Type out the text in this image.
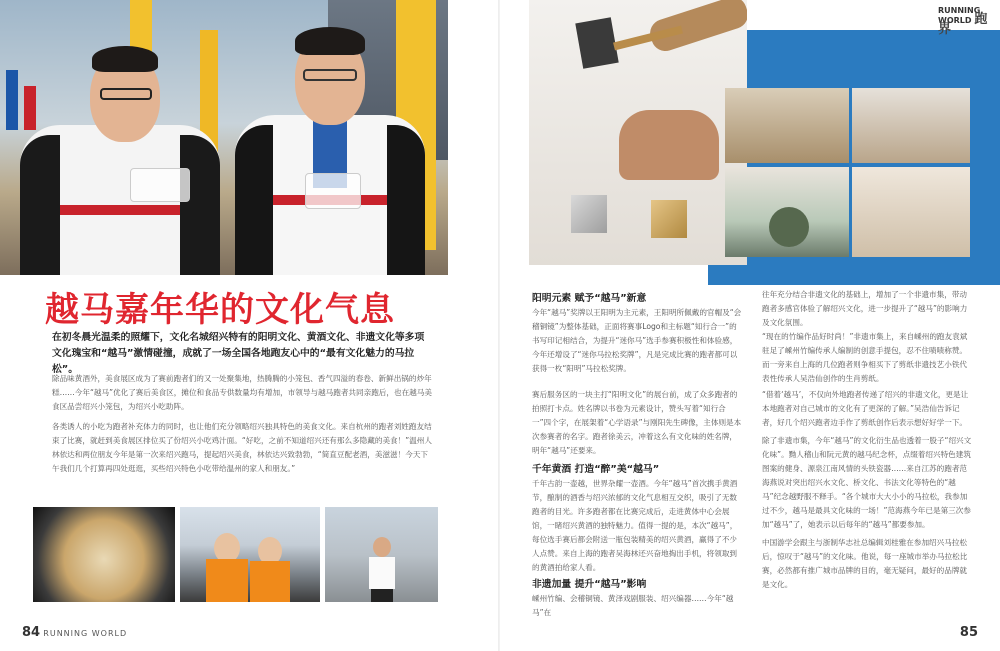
越马嘉年华的文化气息

在初冬晨光温柔的照耀下，文化名城绍兴特有的阳明文化、黄酒文化、非遗文化等多项文化瑰宝和“越马”激情碰撞，成就了一场全国各地跑友心中的“最有文化魅力的马拉松”。

除品味黄酒外，美食展区成为了赛前跑者们的又一处聚集地，热腾腾的小笼包、香气四溢的春卷、新鲜出锅的炒年糕……今年“越马”优化了赛后美食区，摊位和食品专供数量均有增加，市领导与越马跑者共同亲跑后，也在越马美食区品尝绍兴小笼包，为绍兴小吃助阵。

各类诱人的小吃为跑者补充体力的同时，也让他们充分领略绍兴独具特色的美食文化。来自杭州的跑者刘姓跑友结束了比赛，就赶到美食展区排位买了份绍兴小吃鸡汁面。“好吃，之前不知道绍兴还有那么多隐藏的美食！”温州人林依达和两位朋友今年是第一次来绍兴跑马，提起绍兴美食，林依达兴致勃勃，“简直豆配老酒，美滋滋！今天下午我们几个打算再四处逛逛，买些绍兴特色小吃带给温州的家人和朋友。”

84 RUNNING WORLD
RUNNING WORLD 跑界
阳明元素 赋予“越马”新意

今年“越马”奖牌以王阳明为主元素，王阳明所佩戴的官帽及“会稽铜镜”为整体基础，正面将赛事Logo和主标题“知行合一”的书写印记相结合，为提升“迷你马”选手参赛积极性和体验感，今年还增设了“迷你马拉松奖牌”，凡是完成比赛的跑者都可以获得一枚“阳明”马拉松奖牌。

赛后服务区的一块主打“阳明文化”的展台前，成了众多跑者的拍照打卡点。姓名牌以书卷为元素设计，赞头写着“知行合一”四个字，在展架着“心学语录”与刚阳先生碑像，主体则是本次参赛者的名字。跑者徐美云，冲着这么有文化味的姓名牌，明年“越马”还要来。

千年黄酒 打造“醉”美“越马”

千年古韵一壶越，世界杂耀一壶酒。今年“越马”首次携手黄酒节，酿制的酒香与绍兴浓郁的文化气息相互交织，吸引了无数跑者的目光。许多跑者都在比赛完成后，走进黄体中心会展馆，一睹绍兴黄酒的独特魅力。值得一提的是，本次“越马”，每位选手赛后都会附送一瓶包装精美的绍兴黄酒，赢得了不少人点赞。来自上海的跑者吴海林还兴奋地掏出手机，将领取到的黄酒拍给家人看。

非遗加量 提升“越马”影响

嵊州竹编、会稽铜镜、黄泽戏剧服装、绍兴编器……今年“越马”在

往年充分结合非遗文化的基础上，增加了一个非遗市集，带动跑者多感官体验了解绍兴文化，进一步提升了“越马”的影响力及文化氛围。

“现在的竹编作品好时尚！”非遗市集上，来自嵊州的跑友袁斌驻足了嵊州竹编传承人编制的创意手提包，忍不住啧啧称赞。而一旁来自上海的几位跑者则争相买下了剪纸非遗技艺小铁代表性传承人吴浩仙创作的生肖剪纸。

“借着‘越马’，不仅向外地跑者传递了绍兴的非遗文化，更是让本地跑者对自己城市的文化有了更深的了解。”吴浩仙告诉记者，好几个绍兴跑者边手作了剪纸创作后表示想好好学一下。

除了非遗市集，今年“越马”的文化衍生品也透着一股子“绍兴文化味”。黝人稽山和阮元黄的越马纪念杯，点缀着绍兴特色建筑图案的健身、源泉江南风情的头铁瓷器……来自江苏的跑者范海燕说对突出绍兴水文化、桥文化、书法文化等特色的“越马”纪念越野服不释手。“各个城市大大小小的马拉松，我参加过不少，越马是最具文化味的一场！”范海燕今年已是第三次参加“越马”了，她表示以后每年的“越马”都要参加。

中国游学会跟主与浙制华志社总编辑刘桂雅在参加绍兴马拉松后，惊叹于“越马”的文化味。他说，每一座城市举办马拉松比赛，必然都有推广城市品牌的目的，毫无疑问，最好的品牌就是文化。

85
